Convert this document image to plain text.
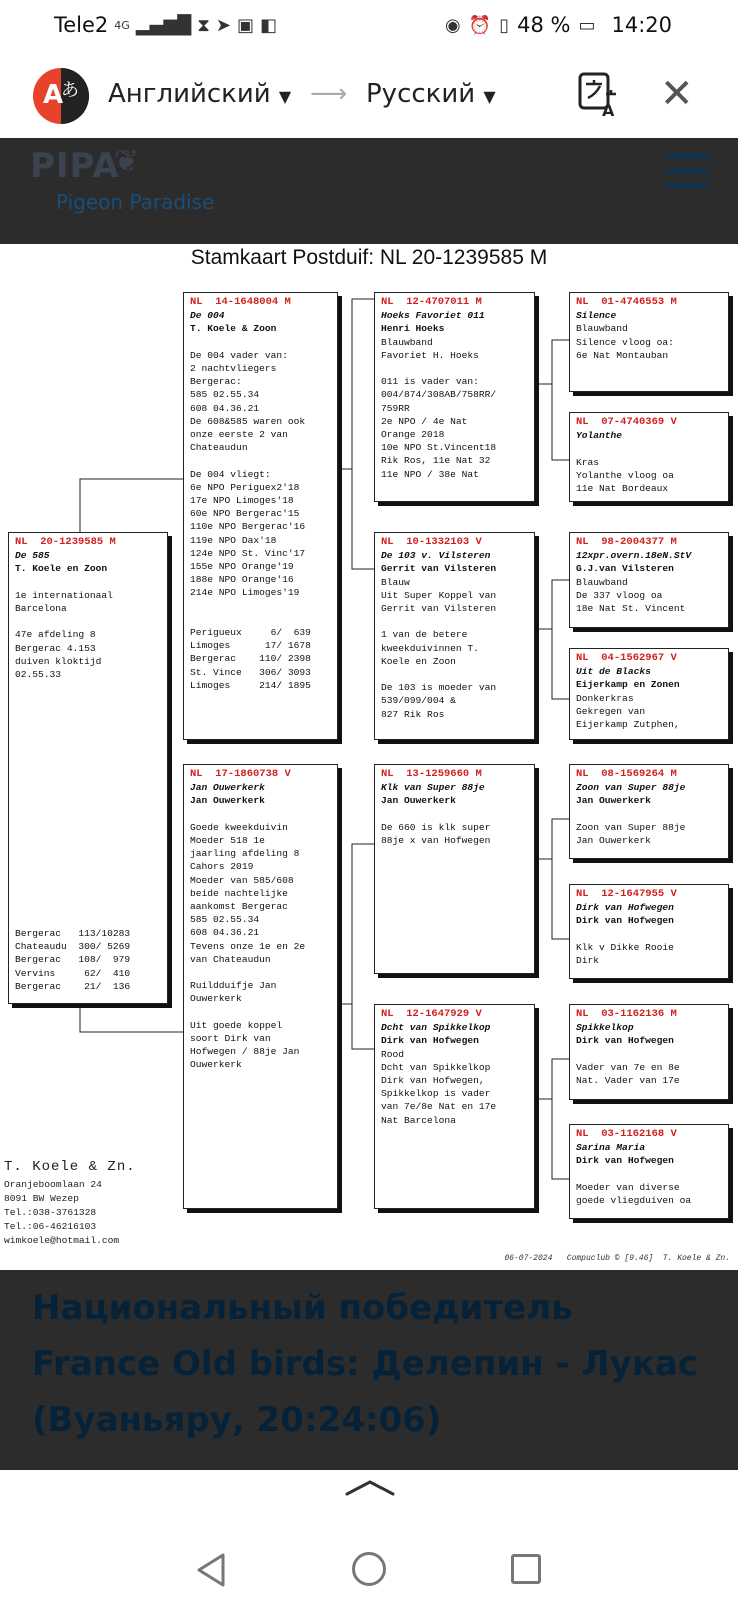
Tele2 4G ▂▄▆█ ⧗ ➤ ▣ ◧	◉ ⏰ ▯ 48 % ▭ 14:20
A
あ Английский ▼ ⟶ Русский ▼
A ✕
PIPA
❦
Pigeon Paradise
Stamkaart Postduif: NL 20-1239585 M
NL  20-1239585 M
De 585
T. Koele en Zoon
1e internationaal
Barcelona
47e afdeling 8
Bergerac 4.153
duiven kloktijd
02.55.33
Bergerac   113/10283
Chateaudu  300/ 5269
Bergerac   108/  979
Vervins     62/  410
Bergerac    21/  136
NL  14-1648004 M
De 004
T. Koele & Zoon
De 004 vader van:
2 nachtvliegers
Bergerac:
585 02.55.34
608 04.36.21
De 608&585 waren ook
onze eerste 2 van
Chateaudun
De 004 vliegt:
6e NPO Periguex2'18
17e NPO Limoges'18
60e NPO Bergerac'15
110e NPO Bergerac'16
119e NPO Dax'18
124e NPO St. Vinc'17
155e NPO Orange'19
188e NPO Orange'16
214e NPO Limoges'19
Perigueux     6/  639
Limoges      17/ 1678
Bergerac    110/ 2398
St. Vince   306/ 3093
Limoges     214/ 1895
NL  17-1860738 V
Jan Ouwerkerk
Jan Ouwerkerk
Goede kweekduivin
Moeder 518 1e
jaarling afdeling 8
Cahors 2019
Moeder van 585/608
beide nachtelijke
aankomst Bergerac
585 02.55.34
608 04.36.21
Tevens onze 1e en 2e
van Chateaudun
Ruildduifje Jan
Ouwerkerk
Uit goede koppel
soort Dirk van
Hofwegen / 88je Jan
Ouwerkerk
NL  12-4707011 M
Hoeks Favoriet 011
Henri Hoeks
Blauwband
Favoriet H. Hoeks
011 is vader van:
004/874/308AB/758RR/
759RR
2e NPO / 4e Nat
Orange 2018
10e NPO St.Vincent18
Rik Ros, 11e Nat 32
11e NPO / 38e Nat
NL  10-1332103 V
De 103 v. Vilsteren
Gerrit van Vilsteren
Blauw
Uit Super Koppel van
Gerrit van Vilsteren
1 van de betere
kweekduivinnen T.
Koele en Zoon
De 103 is moeder van
539/099/004 &
827 Rik Ros
NL  13-1259660 M
Klk van Super 88je
Jan Ouwerkerk
De 660 is klk super
88je x van Hofwegen
NL  12-1647929 V
Dcht van Spikkelkop
Dirk van Hofwegen
Rood
Dcht van Spikkelkop
Dirk van Hofwegen,
Spikkelkop is vader
van 7e/8e Nat en 17e
Nat Barcelona
NL  01-4746553 M
Silence
Blauwband
Silence vloog oa:
6e Nat Montauban
NL  07-4740369 V
Yolanthe
Kras
Yolanthe vloog oa
11e Nat Bordeaux
NL  98-2004377 M
12xpr.overn.18eN.StV
G.J.van Vilsteren
Blauwband
De 337 vloog oa
18e Nat St. Vincent
NL  04-1562967 V
Uit de Blacks
Eijerkamp en Zonen
Donkerkras
Gekregen van
Eijerkamp Zutphen,
NL  08-1569264 M
Zoon van Super 88je
Jan Ouwerkerk
Zoon van Super 88je
Jan Ouwerkerk
NL  12-1647955 V
Dirk van Hofwegen
Dirk van Hofwegen
Klk v Dikke Rooie
Dirk
NL  03-1162136 M
Spikkelkop
Dirk van Hofwegen
Vader van 7e en 8e
Nat. Vader van 17e
NL  03-1162168 V
Sarina Maria
Dirk van Hofwegen
Moeder van diverse
goede vliegduiven oa
T. Koele & Zn.
Oranjeboomlaan 24
8091 BW Wezep
Tel.:038-3761328
Tel.:06-46216103
wimkoele@hotmail.com
06-07-2024   Compuclub © [9.46]  T. Koele & Zn.
Национальный победитель France Old birds: Делепин - Лукас (Вуаньяру, 20:24:06)
